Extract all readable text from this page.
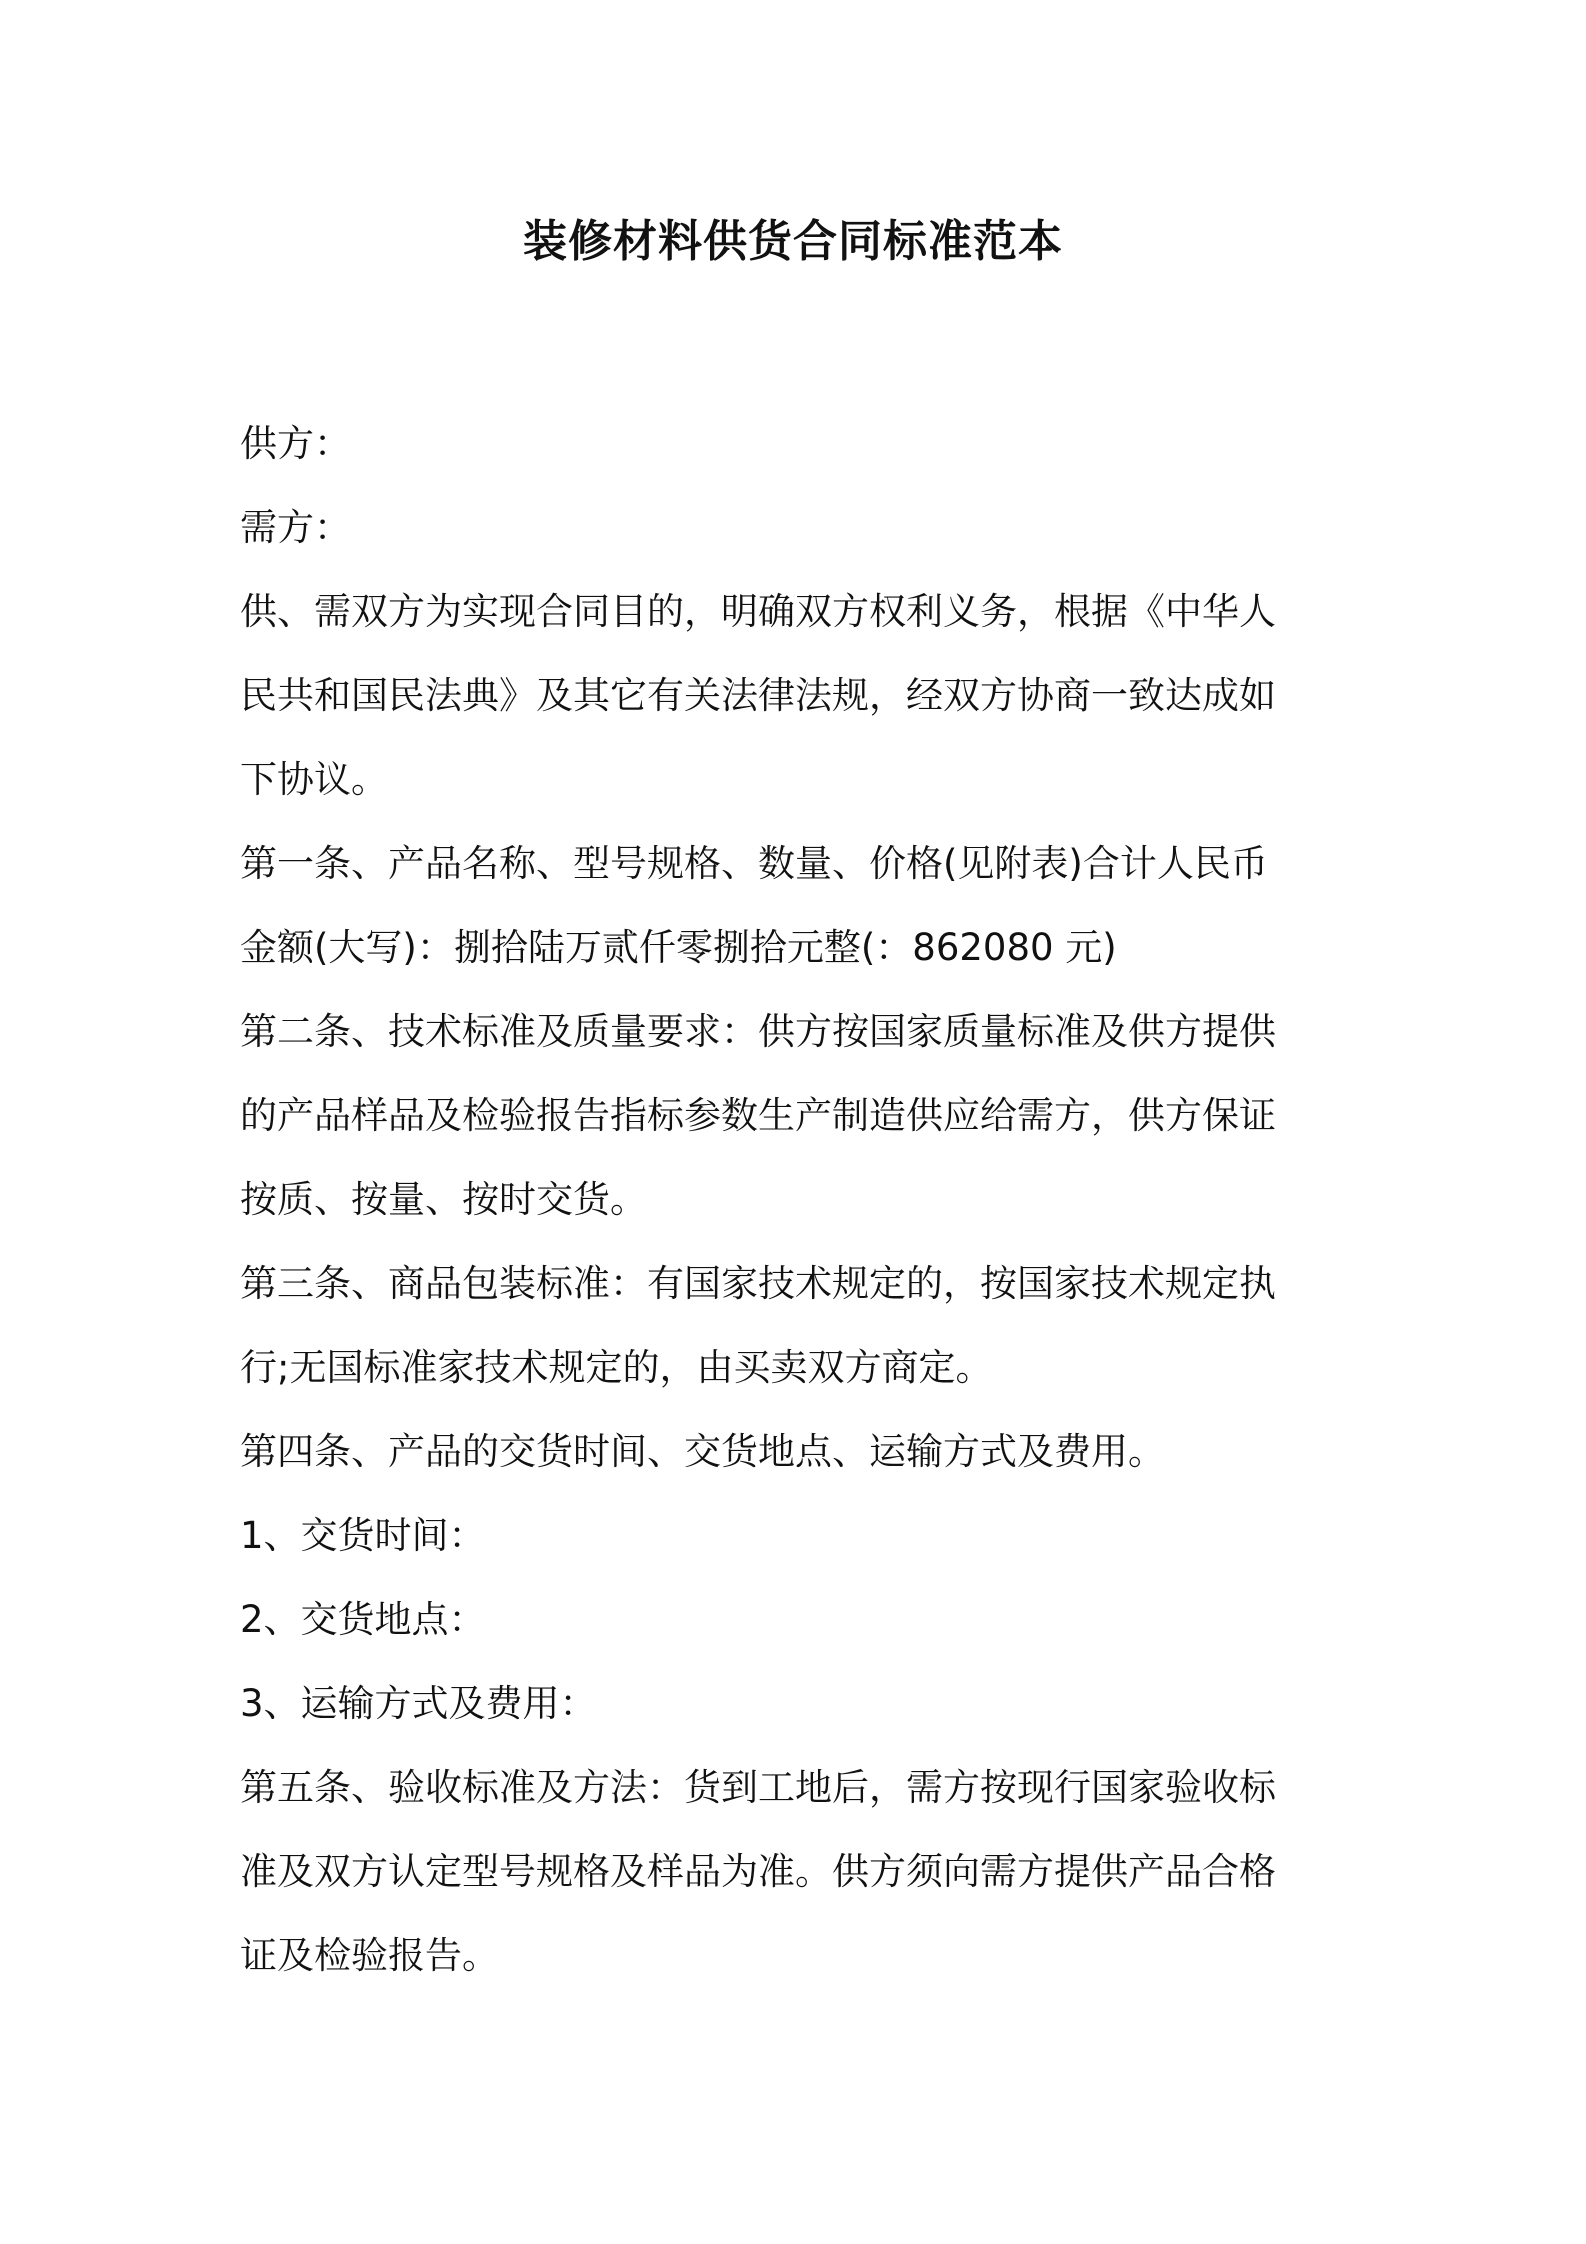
装修材料供货合同标准范本
供方：
需方：
供、需双方为实现合同目的，明确双方权利义务，根据《中华人
民共和国民法典》及其它有关法律法规，经双方协商一致达成如
下协议。
第一条、产品名称、型号规格、数量、价格(见附表)合计人民币
金额(大写)：捌拾陆万贰仟零捌拾元整(：862080 元)
第二条、技术标准及质量要求：供方按国家质量标准及供方提供
的产品样品及检验报告指标参数生产制造供应给需方，供方保证
按质、按量、按时交货。
第三条、商品包装标准：有国家技术规定的，按国家技术规定执
行;无国标准家技术规定的，由买卖双方商定。
第四条、产品的交货时间、交货地点、运输方式及费用。
1、交货时间：
2、交货地点：
3、运输方式及费用：
第五条、验收标准及方法：货到工地后，需方按现行国家验收标
准及双方认定型号规格及样品为准。供方须向需方提供产品合格
证及检验报告。
